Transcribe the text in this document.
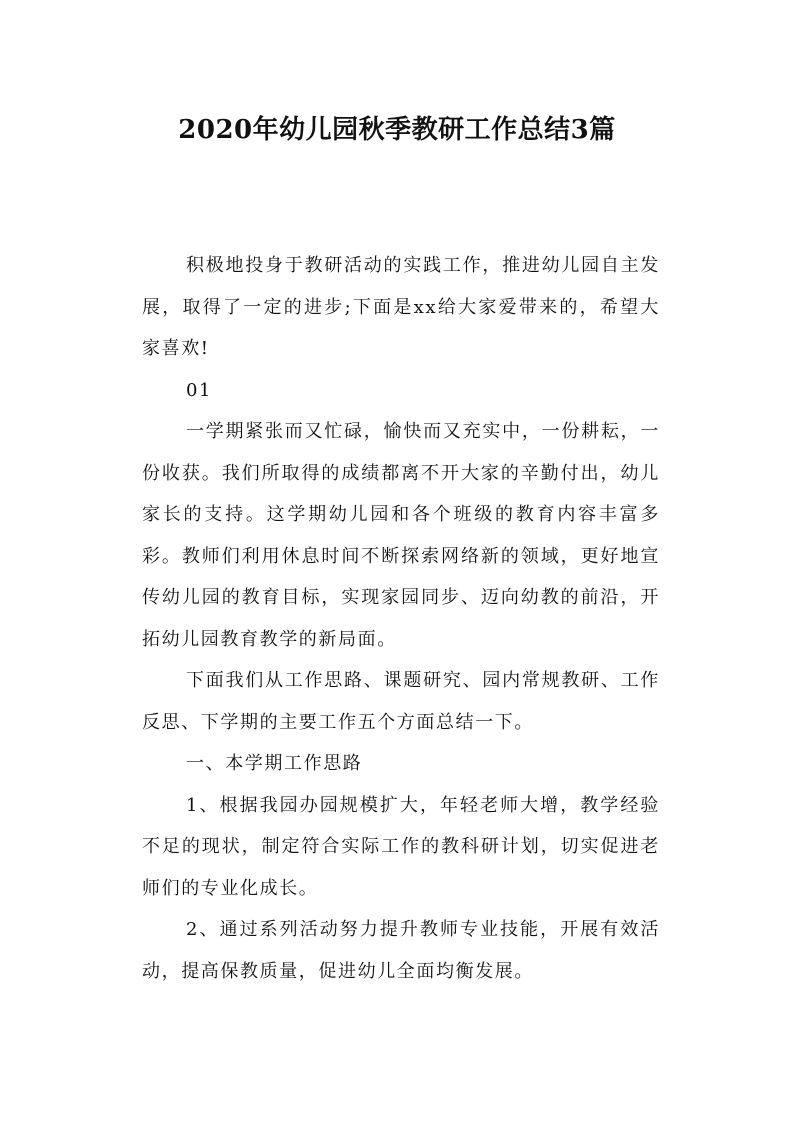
2020年幼儿园秋季教研工作总结3篇

积极地投身于教研活动的实践工作，推进幼儿园自主发展，取得了一定的进步;下面是xx给大家爱带来的，希望大家喜欢!

01

一学期紧张而又忙碌，愉快而又充实中，一份耕耘，一份收获。我们所取得的成绩都离不开大家的辛勤付出，幼儿家长的支持。这学期幼儿园和各个班级的教育内容丰富多彩。教师们利用休息时间不断探索网络新的领域，更好地宣传幼儿园的教育目标，实现家园同步、迈向幼教的前沿，开拓幼儿园教育教学的新局面。

下面我们从工作思路、课题研究、园内常规教研、工作反思、下学期的主要工作五个方面总结一下。

一、本学期工作思路

1、根据我园办园规模扩大，年轻老师大增，教学经验不足的现状，制定符合实际工作的教科研计划，切实促进老师们的专业化成长。

2、通过系列活动努力提升教师专业技能，开展有效活动，提高保教质量，促进幼儿全面均衡发展。
